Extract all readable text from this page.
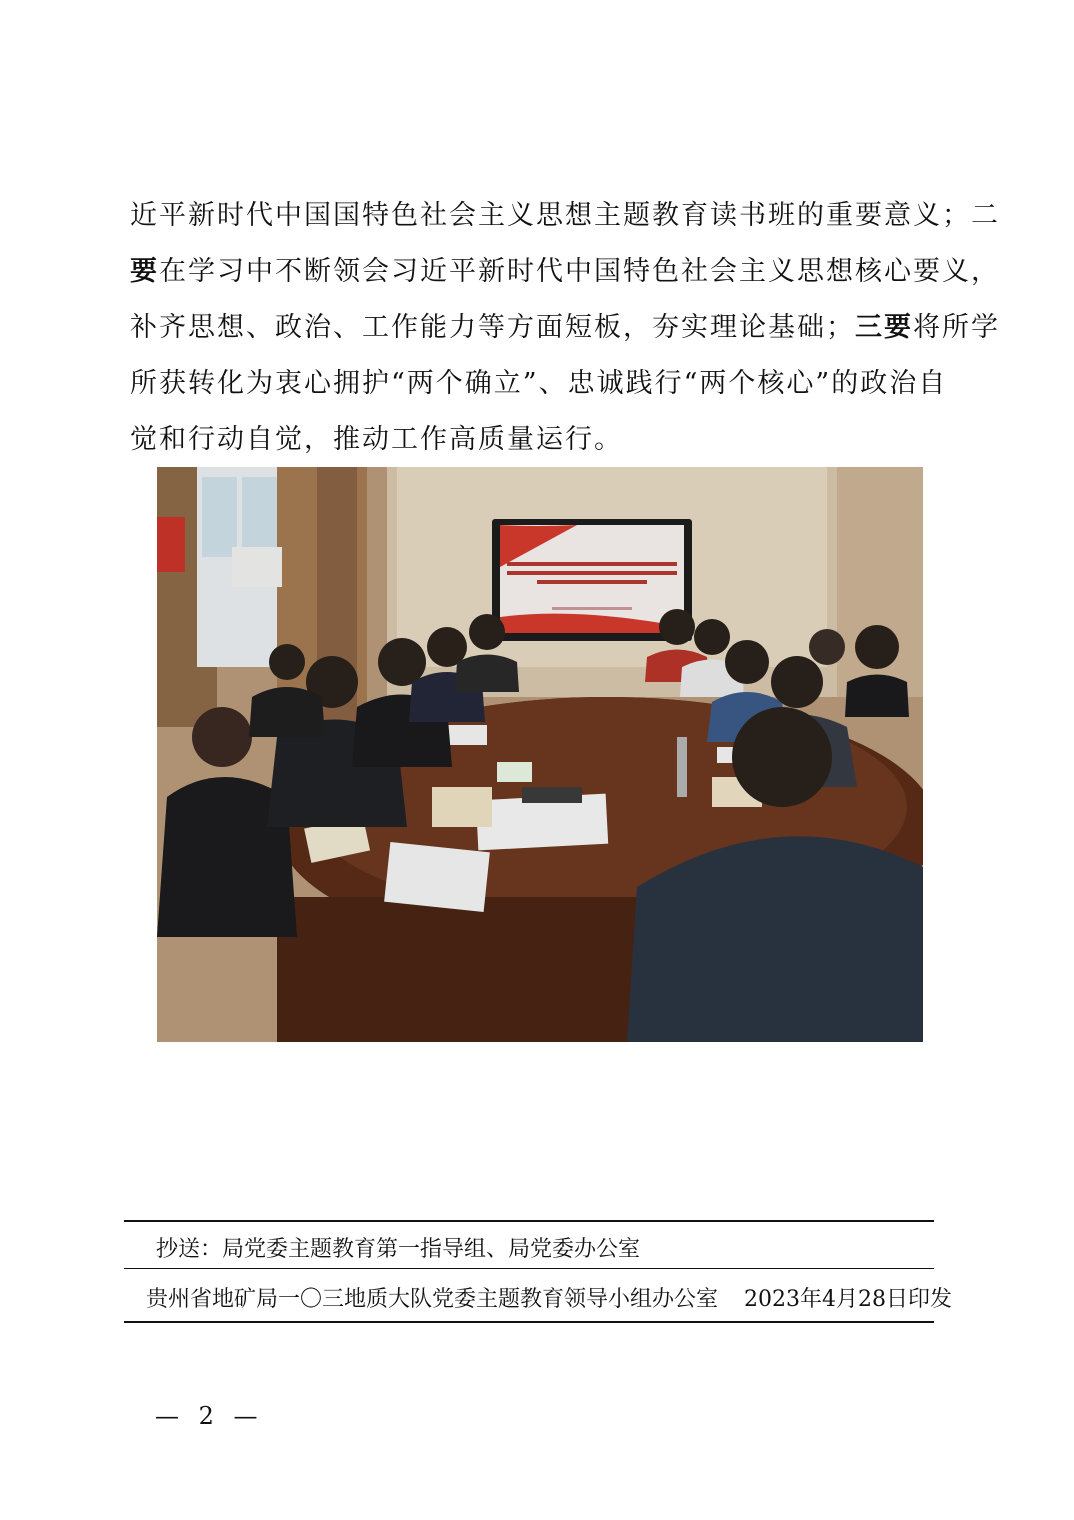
近平新时代中国国特色社会主义思想主题教育读书班的重要意义；二
要在学习中不断领会习近平新时代中国特色社会主义思想核心要义，
补齐思想、政治、工作能力等方面短板，夯实理论基础；三要将所学
所获转化为衷心拥护“两个确立”、忠诚践行“两个核心”的政治自
觉和行动自觉，推动工作高质量运行。
抄送：局党委主题教育第一指导组、局党委办公室
贵州省地矿局一〇三地质大队党委主题教育领导小组办公室 2023年4月28日印发
— 2 —
